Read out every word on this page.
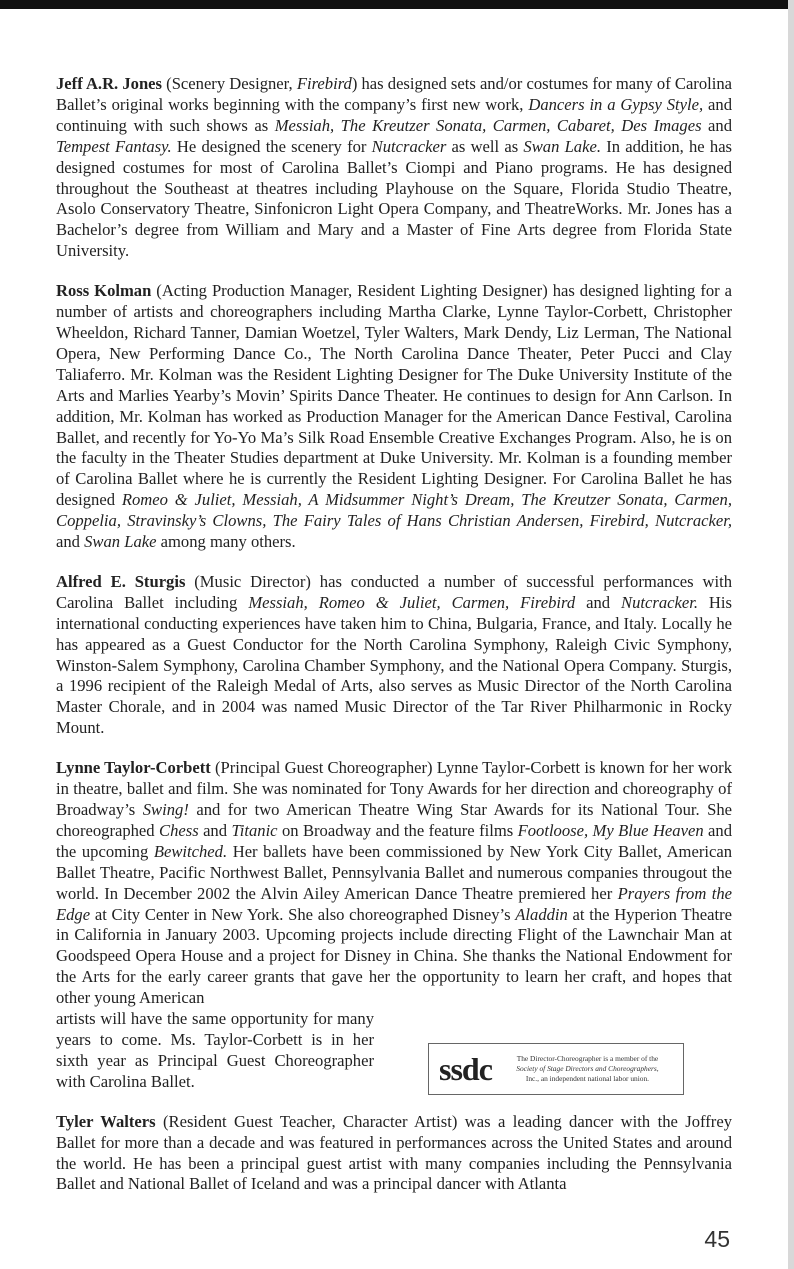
Jeff A.R. Jones (Scenery Designer, Firebird) has designed sets and/or costumes for many of Carolina Ballet’s original works beginning with the company’s first new work, Dancers in a Gypsy Style, and continuing with such shows as Messiah, The Kreutzer Sonata, Carmen, Cabaret, Des Images and Tempest Fantasy. He designed the scenery for Nutcracker as well as Swan Lake. In addition, he has designed costumes for most of Carolina Ballet’s Ciompi and Piano programs. He has designed throughout the Southeast at theatres including Playhouse on the Square, Florida Studio Theatre, Asolo Conservatory Theatre, Sinfonicron Light Opera Company, and TheatreWorks. Mr. Jones has a Bachelor’s degree from William and Mary and a Master of Fine Arts degree from Florida State University.

Ross Kolman (Acting Production Manager, Resident Lighting Designer) has designed lighting for a number of artists and choreographers including Martha Clarke, Lynne Taylor-Corbett, Christopher Wheeldon, Richard Tanner, Damian Woetzel, Tyler Walters, Mark Dendy, Liz Lerman, The National Opera, New Performing Dance Co., The North Carolina Dance Theater, Peter Pucci and Clay Taliaferro. Mr. Kolman was the Resident Lighting Designer for The Duke University Institute of the Arts and Marlies Yearby’s Movin’ Spirits Dance Theater. He continues to design for Ann Carlson. In addition, Mr. Kolman has worked as Production Manager for the American Dance Festival, Carolina Ballet, and recently for Yo-Yo Ma’s Silk Road Ensemble Creative Exchanges Program. Also, he is on the faculty in the Theater Studies department at Duke University. Mr. Kolman is a founding member of Carolina Ballet where he is currently the Resident Lighting Designer. For Carolina Ballet he has designed Romeo & Juliet, Messiah, A Midsummer Night’s Dream, The Kreutzer Sonata, Carmen, Coppelia, Stravinsky’s Clowns, The Fairy Tales of Hans Christian Andersen, Firebird, Nutcracker, and Swan Lake among many others.

Alfred E. Sturgis (Music Director) has conducted a number of successful performances with Carolina Ballet including Messiah, Romeo & Juliet, Carmen, Firebird and Nutcracker. His international conducting experiences have taken him to China, Bulgaria, France, and Italy. Locally he has appeared as a Guest Conductor for the North Carolina Symphony, Raleigh Civic Symphony, Winston-Salem Symphony, Carolina Chamber Symphony, and the National Opera Company. Sturgis, a 1996 recipient of the Raleigh Medal of Arts, also serves as Music Director of the North Carolina Master Chorale, and in 2004 was named Music Director of the Tar River Philharmonic in Rocky Mount.

Lynne Taylor-Corbett (Principal Guest Choreographer) Lynne Taylor-Corbett is known for her work in theatre, ballet and film. She was nominated for Tony Awards for her direction and choreography of Broadway’s Swing! and for two American Theatre Wing Star Awards for its National Tour. She choreographed Chess and Titanic on Broadway and the feature films Footloose, My Blue Heaven and the upcoming Bewitched. Her ballets have been commissioned by New York City Ballet, American Ballet Theatre, Pacific Northwest Ballet, Pennsylvania Ballet and numerous companies througout the world. In December 2002 the Alvin Ailey American Dance Theatre premiered her Prayers from the Edge at City Center in New York. She also choreographed Disney’s Aladdin at the Hyperion Theatre in California in January 2003. Upcoming projects include directing Flight of the Lawnchair Man at Goodspeed Opera House and a project for Disney in China. She thanks the National Endowment for the Arts for the early career grants that gave her the opportunity to learn her craft, and hopes that other young American
artists will have the same opportunity for many years to come. Ms. Taylor-Corbett is in her sixth year as Principal Guest Choreographer with Carolina Ballet.

Tyler Walters (Resident Guest Teacher, Character Artist) was a leading dancer with the Joffrey Ballet for more than a decade and was featured in performances across the United States and around the world. He has been a principal guest artist with many companies including the Pennsylvania Ballet and National Ballet of Iceland and was a principal dancer with Atlanta

ssdc	The Director-Choreographer is a member of the
Society of Stage Directors and Choreographers,
Inc., an independent national labor union.
45
